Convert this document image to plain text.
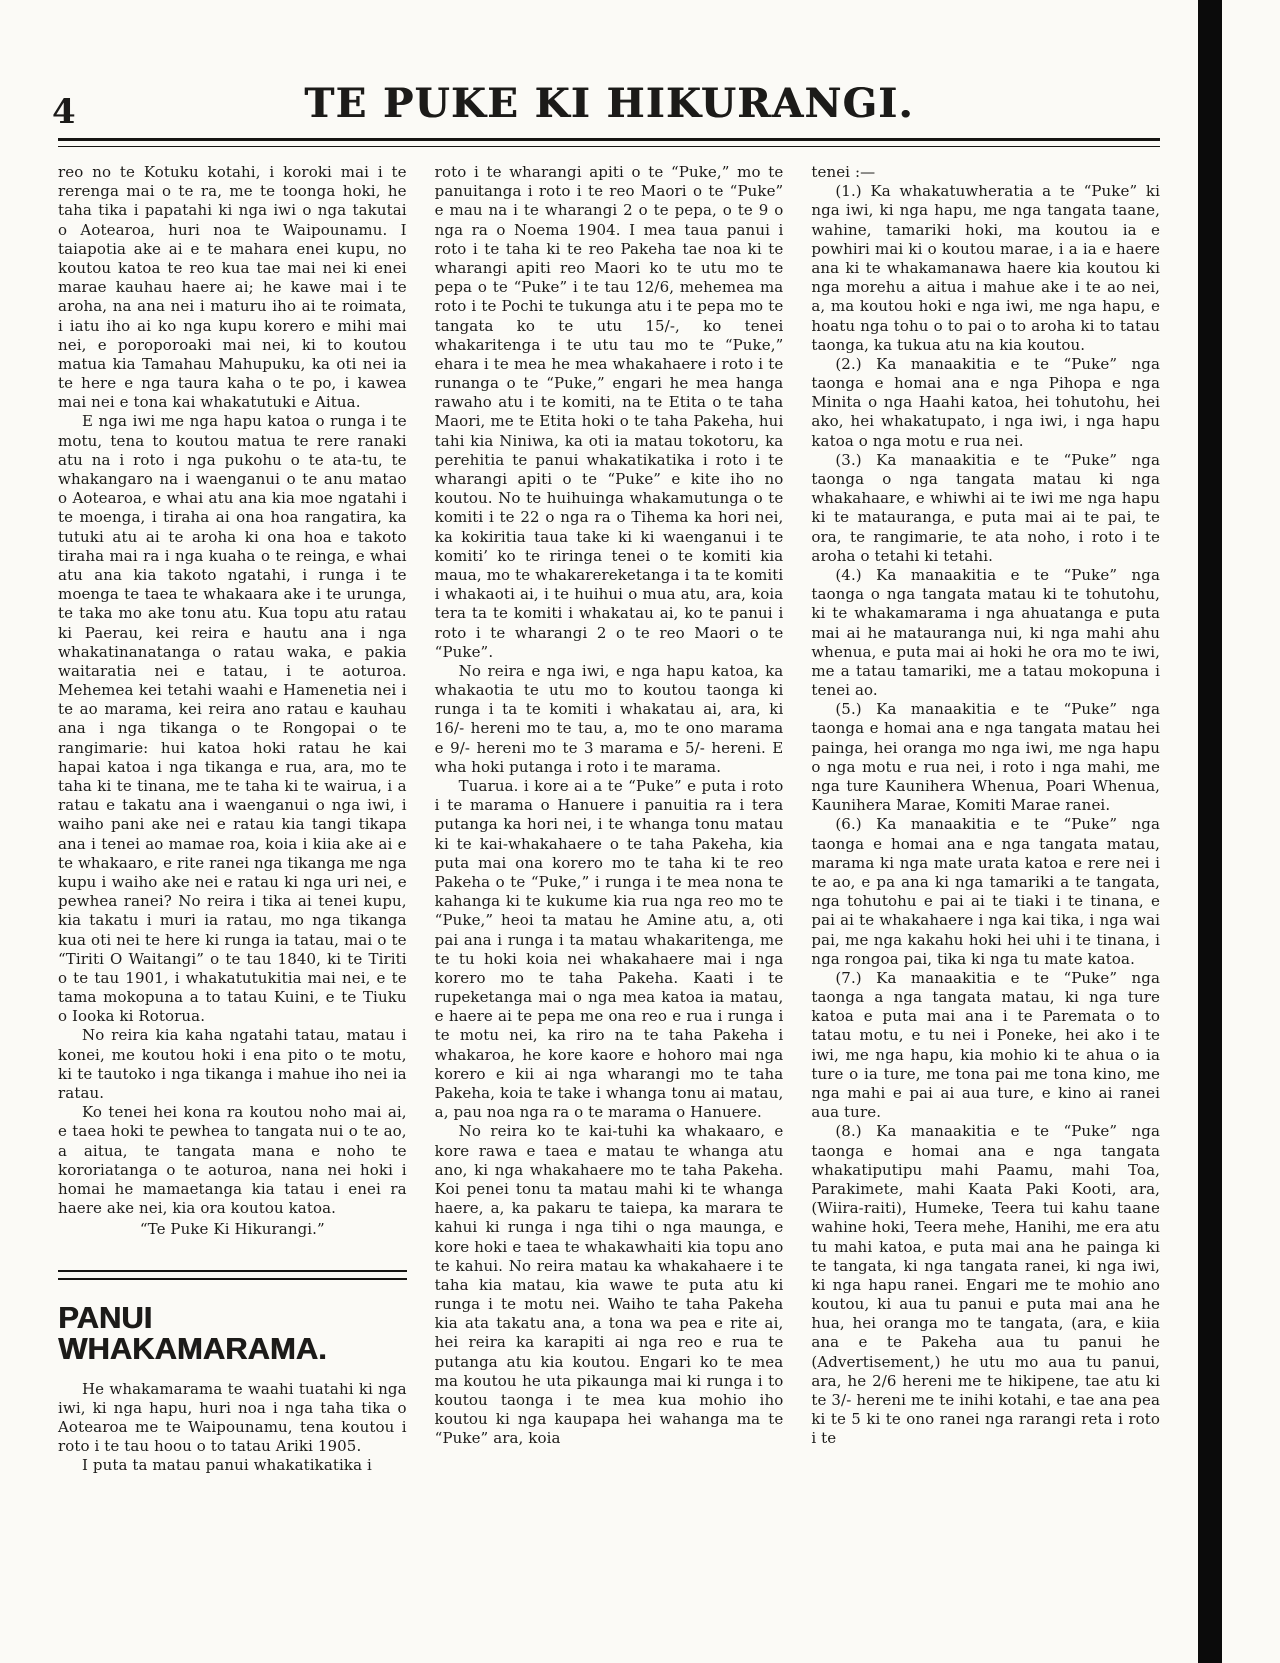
4	TE PUKE KI HIKURANGI.

reo no te Kotuku kotahi, i koroki mai i te rerenga mai o te ra, me te toonga hoki, he taha tika i papatahi ki nga iwi o nga takutai o Aotearoa, huri noa te Waipounamu. I taiapotia ake ai e te mahara enei kupu, no koutou katoa te reo kua tae mai nei ki enei marae kauhau haere ai; he kawe mai i te aroha, na ana nei i maturu iho ai te roimata, i iatu iho ai ko nga kupu korero e mihi mai nei, e poroporoaki mai nei, ki to koutou matua kia Tamahau Mahupuku, ka oti nei ia te here e nga taura kaha o te po, i kawea mai nei e tona kai whakatutuki e Aitua.

E nga iwi me nga hapu katoa o runga i te motu, tena to koutou matua te rere ranaki atu na i roto i nga pukohu o te ata-tu, te whakangaro na i waenganui o te anu matao o Aotearoa, e whai atu ana kia moe ngatahi i te moenga, i tiraha ai ona hoa rangatira, ka tutuki atu ai te aroha ki ona hoa e takoto tiraha mai ra i nga kuaha o te reinga, e whai atu ana kia takoto ngatahi, i runga i te moenga te taea te whakaara ake i te urunga, te taka mo ake tonu atu. Kua topu atu ratau ki Paerau, kei reira e hautu ana i nga whakatinanatanga o ratau waka, e pakia waitaratia nei e tatau, i te aoturoa. Mehemea kei tetahi waahi e Hamenetia nei i te ao marama, kei reira ano ratau e kauhau ana i nga tikanga o te Rongopai o te rangimarie: hui katoa hoki ratau he kai hapai katoa i nga tikanga e rua, ara, mo te taha ki te tinana, me te taha ki te wairua, i a ratau e takatu ana i waenganui o nga iwi, i waiho pani ake nei e ratau kia tangi tikapa ana i tenei ao mamae roa, koia i kiia ake ai e te whakaaro, e rite ranei nga tikanga me nga kupu i waiho ake nei e ratau ki nga uri nei, e pewhea ranei? No reira i tika ai tenei kupu, kia takatu i muri ia ratau, mo nga tikanga kua oti nei te here ki runga ia tatau, mai o te “Tiriti O Waitangi” o te tau 1840, ki te Tiriti o te tau 1901, i whakatutukitia mai nei, e te tama mokopuna a to tatau Kuini, e te Tiuku o Iooka ki Rotorua.

No reira kia kaha ngatahi tatau, matau i konei, me koutou hoki i ena pito o te motu, ki te tautoko i nga tikanga i mahue iho nei ia ratau.

Ko tenei hei kona ra koutou noho mai ai, e taea hoki te pewhea to tangata nui o te ao, a aitua, te tangata mana e noho te kororiatanga o te aoturoa, nana nei hoki i homai he mamaetanga kia tatau i enei ra haere ake nei, kia ora koutou katoa.

“Te Puke Ki Hikurangi.”

PANUI WHAKAMARAMA.

He whakamarama te waahi tuatahi ki nga iwi, ki nga hapu, huri noa i nga taha tika o Aotearoa me te Waipounamu, tena koutou i roto i te tau hoou o to tatau Ariki 1905.

I puta ta matau panui whakatikatika i

roto i te wharangi apiti o te “Puke,” mo te panuitanga i roto i te reo Maori o te “Puke” e mau na i te wharangi 2 o te pepa, o te 9 o nga ra o Noema 1904. I mea taua panui i roto i te taha ki te reo Pakeha tae noa ki te wharangi apiti reo Maori ko te utu mo te pepa o te “Puke” i te tau 12/6, mehemea ma roto i te Pochi te tukunga atu i te pepa mo te tangata ko te utu 15/-, ko tenei whakaritenga i te utu tau mo te “Puke,” ehara i te mea he mea whakahaere i roto i te runanga o te “Puke,” engari he mea hanga rawaho atu i te komiti, na te Etita o te taha Maori, me te Etita hoki o te taha Pakeha, hui tahi kia Niniwa, ka oti ia matau tokotoru, ka perehitia te panui whakatikatika i roto i te wharangi apiti o te “Puke” e kite iho no koutou. No te huihuinga whakamutunga o te komiti i te 22 o nga ra o Tihema ka hori nei, ka kokiritia taua take ki ki waenganui i te komiti’ ko te riringa tenei o te komiti kia maua, mo te whakarereketanga i ta te komiti i whakaoti ai, i te huihui o mua atu, ara, koia tera ta te komiti i whakatau ai, ko te panui i roto i te wharangi 2 o te reo Maori o te “Puke”.

No reira e nga iwi, e nga hapu katoa, ka whakaotia te utu mo to koutou taonga ki runga i ta te komiti i whakatau ai, ara, ki 16/- hereni mo te tau, a, mo te ono marama e 9/- hereni mo te 3 marama e 5/- hereni. E wha hoki putanga i roto i te marama.

Tuarua. i kore ai a te “Puke” e puta i roto i te marama o Hanuere i panuitia ra i tera putanga ka hori nei, i te whanga tonu matau ki te kai-whakahaere o te taha Pakeha, kia puta mai ona korero mo te taha ki te reo Pakeha o te “Puke,” i runga i te mea nona te kahanga ki te kukume kia rua nga reo mo te “Puke,” heoi ta matau he Amine atu, a, oti pai ana i runga i ta matau whakaritenga, me te tu hoki koia nei whakahaere mai i nga korero mo te taha Pakeha. Kaati i te rupeketanga mai o nga mea katoa ia matau, e haere ai te pepa me ona reo e rua i runga i te motu nei, ka riro na te taha Pakeha i whakaroa, he kore kaore e hohoro mai nga korero e kii ai nga wharangi mo te taha Pakeha, koia te take i whanga tonu ai matau, a, pau noa nga ra o te marama o Hanuere.

No reira ko te kai-tuhi ka whakaaro, e kore rawa e taea e matau te whanga atu ano, ki nga whakahaere mo te taha Pakeha. Koi penei tonu ta matau mahi ki te whanga haere, a, ka pakaru te taiepa, ka marara te kahui ki runga i nga tihi o nga maunga, e kore hoki e taea te whakawhaiti kia topu ano te kahui. No reira matau ka whakahaere i te taha kia matau, kia wawe te puta atu ki runga i te motu nei. Waiho te taha Pakeha kia ata takatu ana, a tona wa pea e rite ai, hei reira ka karapiti ai nga reo e rua te putanga atu kia koutou. Engari ko te mea ma koutou he uta pikaunga mai ki runga i to koutou taonga i te mea kua mohio iho koutou ki nga kaupapa hei wahanga ma te “Puke” ara, koia

tenei :—

(1.) Ka whakatuwheratia a te “Puke” ki nga iwi, ki nga hapu, me nga tangata taane, wahine, tamariki hoki, ma koutou ia e powhiri mai ki o koutou marae, i a ia e haere ana ki te whakamanawa haere kia koutou ki nga morehu a aitua i mahue ake i te ao nei, a, ma koutou hoki e nga iwi, me nga hapu, e hoatu nga tohu o to pai o to aroha ki to tatau taonga, ka tukua atu na kia koutou.

(2.) Ka manaakitia e te “Puke” nga taonga e homai ana e nga Pihopa e nga Minita o nga Haahi katoa, hei tohutohu, hei ako, hei whakatupato, i nga iwi, i nga hapu katoa o nga motu e rua nei.

(3.) Ka manaakitia e te “Puke” nga taonga o nga tangata matau ki nga whakahaare, e whiwhi ai te iwi me nga hapu ki te matauranga, e puta mai ai te pai, te ora, te rangimarie, te ata noho, i roto i te aroha o tetahi ki tetahi.

(4.) Ka manaakitia e te “Puke” nga taonga o nga tangata matau ki te tohutohu, ki te whakamarama i nga ahuatanga e puta mai ai he matauranga nui, ki nga mahi ahu whenua, e puta mai ai hoki he ora mo te iwi, me a tatau tamariki, me a tatau mokopuna i tenei ao.

(5.) Ka manaakitia e te “Puke” nga taonga e homai ana e nga tangata matau hei painga, hei oranga mo nga iwi, me nga hapu o nga motu e rua nei, i roto i nga mahi, me nga ture Kaunihera Whenua, Poari Whenua, Kaunihera Marae, Komiti Marae ranei.

(6.) Ka manaakitia e te “Puke” nga taonga e homai ana e nga tangata matau, marama ki nga mate urata katoa e rere nei i te ao, e pa ana ki nga tamariki a te tangata, nga tohutohu e pai ai te tiaki i te tinana, e pai ai te whakahaere i nga kai tika, i nga wai pai, me nga kakahu hoki hei uhi i te tinana, i nga rongoa pai, tika ki nga tu mate katoa.

(7.) Ka manaakitia e te “Puke” nga taonga a nga tangata matau, ki nga ture katoa e puta mai ana i te Paremata o to tatau motu, e tu nei i Poneke, hei ako i te iwi, me nga hapu, kia mohio ki te ahua o ia ture o ia ture, me tona pai me tona kino, me nga mahi e pai ai aua ture, e kino ai ranei aua ture.

(8.) Ka manaakitia e te “Puke” nga taonga e homai ana e nga tangata whakatiputipu mahi Paamu, mahi Toa, Parakimete, mahi Kaata Paki Kooti, ara, (Wiira-raiti), Humeke, Teera tui kahu taane wahine hoki, Teera mehe, Hanihi, me era atu tu mahi katoa, e puta mai ana he painga ki te tangata, ki nga tangata ranei, ki nga iwi, ki nga hapu ranei. Engari me te mohio ano koutou, ki aua tu panui e puta mai ana he hua, hei oranga mo te tangata, (ara, e kiia ana e te Pakeha aua tu panui he (Advertisement,) he utu mo aua tu panui, ara, he 2/6 hereni me te hikipene, tae atu ki te 3/- hereni me te inihi kotahi, e tae ana pea ki te 5 ki te ono ranei nga rarangi reta i roto i te
